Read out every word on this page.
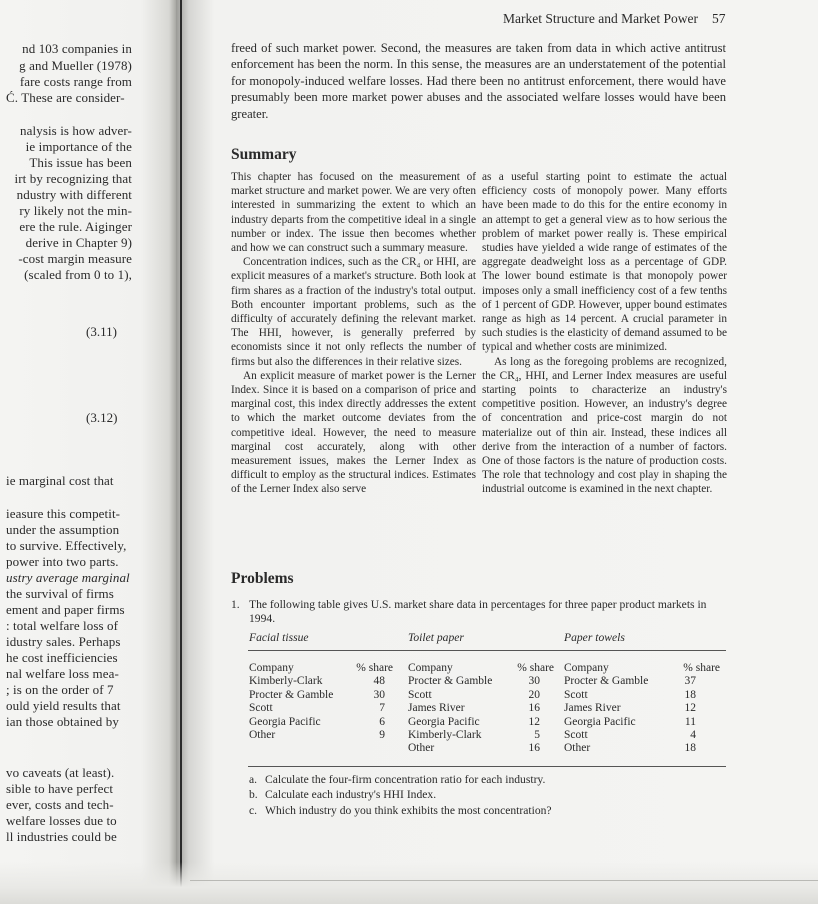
nd 103 companies in
g and Mueller (1978)
fare costs range from
Ć. These are consider-
nalysis is how adver-
ie importance of the
This issue has been
irt by recognizing that
ndustry with different
ry likely not the min-
ere the rule. Aiginger
derive in Chapter 9)
-cost margin measure
(scaled from 0 to 1),
(3.11)
(3.12)
ie marginal cost that
ieasure this competit-
under the assumption
to survive. Effectively,
power into two parts.
ustry average marginal
the survival of firms
ement and paper firms
: total welfare loss of
idustry sales. Perhaps
he cost inefficiencies
nal welfare loss mea-
; is on the order of 7
ould yield results that
ian those obtained by
vo caveats (at least).
sible to have perfect
ever, costs and tech-
welfare losses due to
ll industries could be
Market Structure and Market Power 57
freed of such market power. Second, the measures are taken from data in which active antitrust enforcement has been the norm. In this sense, the measures are an understatement of the potential for monopoly-induced welfare losses. Had there been no antitrust enforcement, there would have presumably been more market power abuses and the associated welfare losses would have been greater.
Summary

This chapter has focused on the measurement of market structure and market power. We are very often interested in summarizing the extent to which an industry departs from the competitive ideal in a single number or index. The issue then becomes whether and how we can construct such a summary measure.

Concentration indices, such as the CR₄ or HHI, are explicit measures of a market's structure. Both look at firm shares as a fraction of the industry's total output. Both encounter important problems, such as the difficulty of accurately defining the relevant market. The HHI, however, is generally preferred by economists since it not only reflects the number of firms but also the differences in their relative sizes.

An explicit measure of market power is the Lerner Index. Since it is based on a comparison of price and marginal cost, this index directly addresses the extent to which the market outcome deviates from the competitive ideal. However, the need to measure marginal cost accurately, along with other measurement issues, makes the Lerner Index as difficult to employ as the structural indices. Estimates of the Lerner Index also serve

as a useful starting point to estimate the actual efficiency costs of monopoly power. Many efforts have been made to do this for the entire economy in an attempt to get a general view as to how serious the problem of market power really is. These empirical studies have yielded a wide range of estimates of the aggregate deadweight loss as a percentage of GDP. The lower bound estimate is that monopoly power imposes only a small inefficiency cost of a few tenths of 1 percent of GDP. However, upper bound estimates range as high as 14 percent. A crucial parameter in such studies is the elasticity of demand assumed to be typical and whether costs are minimized.

As long as the foregoing problems are recognized, the CR₄, HHI, and Lerner Index measures are useful starting points to characterize an industry's competitive position. However, an industry's degree of concentration and price-cost margin do not materialize out of thin air. Instead, these indices all derive from the interaction of a number of factors. One of those factors is the nature of production costs. The role that technology and cost play in shaping the industrial outcome is examined in the next chapter.

Problems
1. The following table gives U.S. market share data in percentages for three paper product markets in 1994.
Facial tissue	Toilet paper	Paper towels
Company	% share
Kimberly-Clark	48
Procter & Gamble	30
Scott	7
Georgia Pacific	6
Other	9
Company	% share
Procter & Gamble	30
Scott	20
James River	16
Georgia Pacific	12
Kimberly-Clark	5
Other	16
Company	% share
Procter & Gamble	37
Scott	18
James River	12
Georgia Pacific	11
Scott	4
Other	18
a. Calculate the four-firm concentration ratio for each industry.
b. Calculate each industry's HHI Index.
c. Which industry do you think exhibits the most concentration?
